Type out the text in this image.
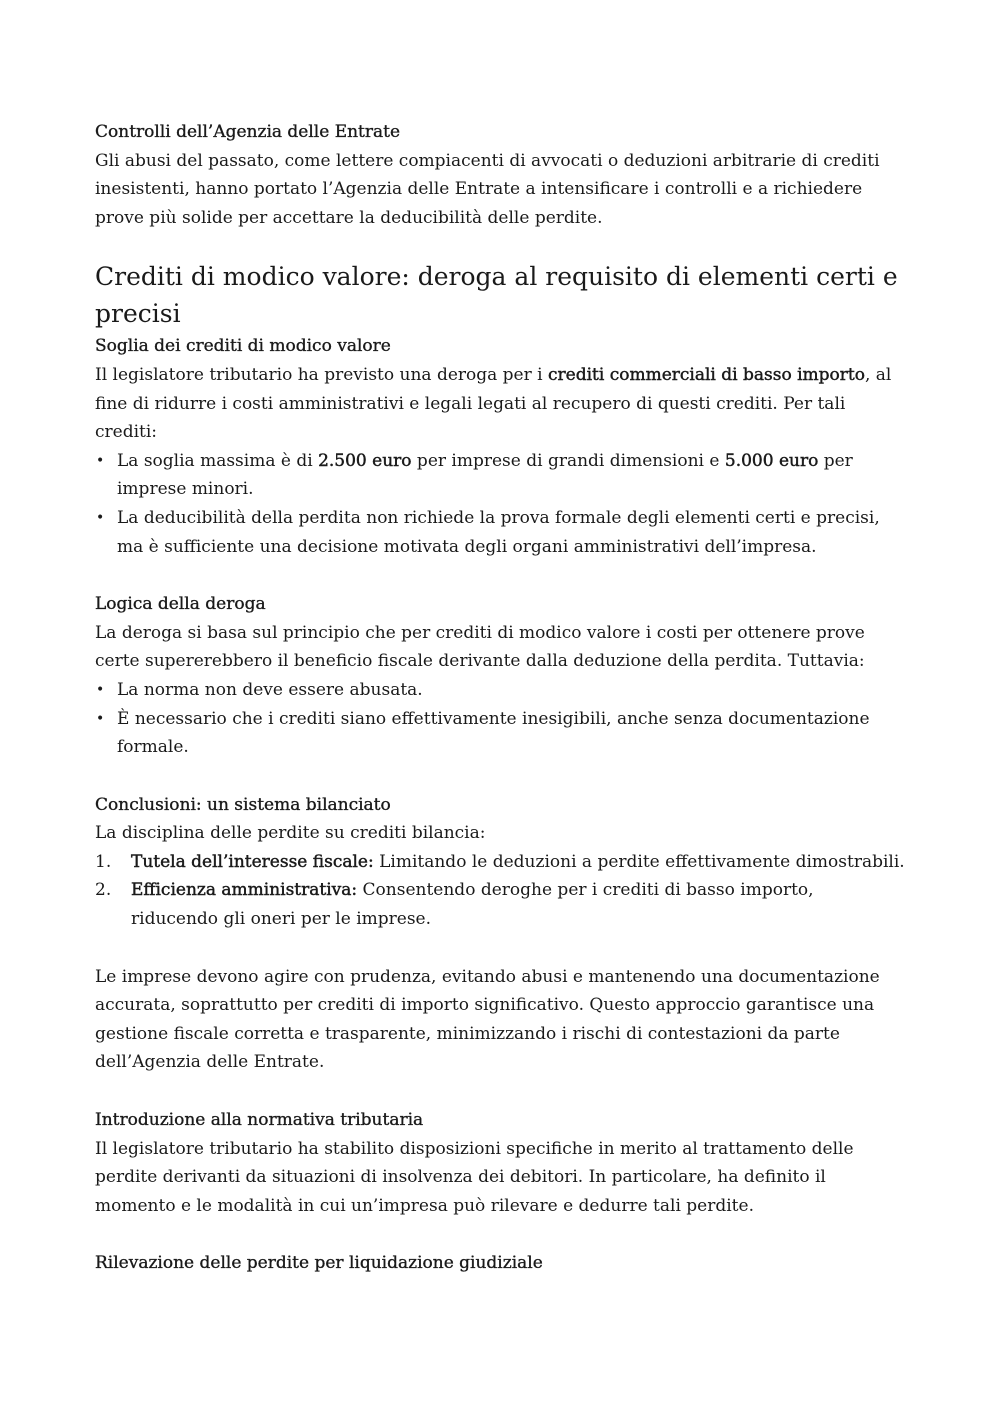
Controlli dell’Agenzia delle Entrate

Gli abusi del passato, come lettere compiacenti di avvocati o deduzioni arbitrarie di crediti inesistenti, hanno portato l’Agenzia delle Entrate a intensificare i controlli e a richiedere prove più solide per accettare la deducibilità delle perdite.

Crediti di modico valore: deroga al requisito di elementi certi e precisi

Soglia dei crediti di modico valore

Il legislatore tributario ha previsto una deroga per i crediti commerciali di basso importo, al fine di ridurre i costi amministrativi e legali legati al recupero di questi crediti. Per tali crediti:

• La soglia massima è di 2.500 euro per imprese di grandi dimensioni e 5.000 euro per imprese minori.
• La deducibilità della perdita non richiede la prova formale degli elementi certi e precisi, ma è sufficiente una decisione motivata degli organi amministrativi dell’impresa.

Logica della deroga

La deroga si basa sul principio che per crediti di modico valore i costi per ottenere prove certe supererebbero il beneficio fiscale derivante dalla deduzione della perdita. Tuttavia:

• La norma non deve essere abusata.
• È necessario che i crediti siano effettivamente inesigibili, anche senza documentazione formale.

Conclusioni: un sistema bilanciato

La disciplina delle perdite su crediti bilancia:

1. Tutela dell’interesse fiscale: Limitando le deduzioni a perdite effettivamente dimostrabili.
2. Efficienza amministrativa: Consentendo deroghe per i crediti di basso importo, riducendo gli oneri per le imprese.

Le imprese devono agire con prudenza, evitando abusi e mantenendo una documentazione accurata, soprattutto per crediti di importo significativo. Questo approccio garantisce una gestione fiscale corretta e trasparente, minimizzando i rischi di contestazioni da parte dell’Agenzia delle Entrate.

Introduzione alla normativa tributaria

Il legislatore tributario ha stabilito disposizioni specifiche in merito al trattamento delle perdite derivanti da situazioni di insolvenza dei debitori. In particolare, ha definito il momento e le modalità in cui un’impresa può rilevare e dedurre tali perdite.

Rilevazione delle perdite per liquidazione giudiziale
